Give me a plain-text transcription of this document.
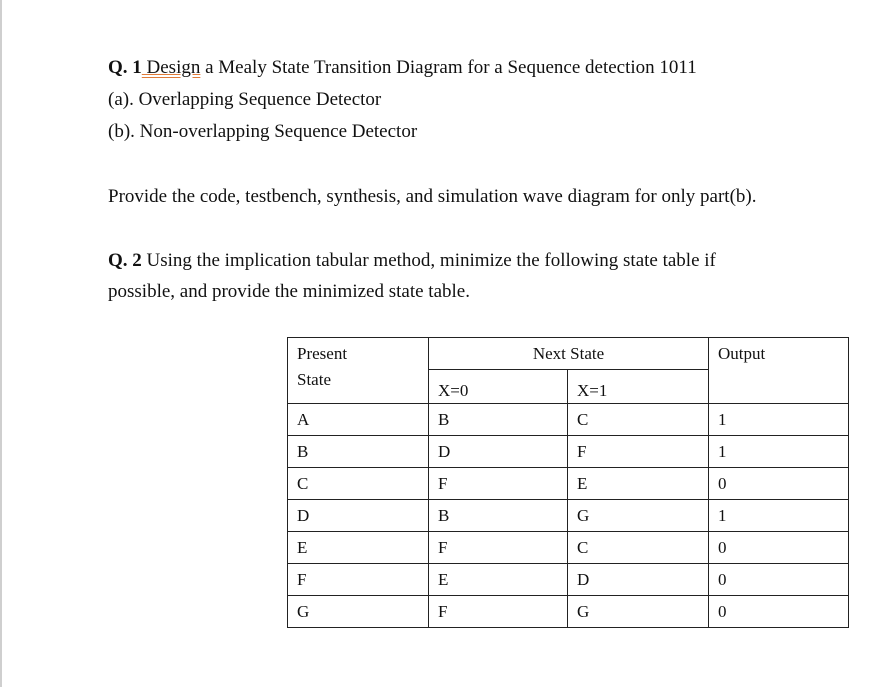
Q. 1 Design a Mealy State Transition Diagram for a Sequence detection 1011
(a). Overlapping Sequence Detector
(b). Non-overlapping Sequence Detector
Provide the code, testbench, synthesis, and simulation wave diagram for only part(b).
Q. 2 Using the implication tabular method, minimize the following state table if
possible, and provide the minimized state table.
Present
State	Next State		Output
	X=0	X=1	
A	B	C	1
B	D	F	1
C	F	E	0
D	B	G	1
E	F	C	0
F	E	D	0
G	F	G	0
